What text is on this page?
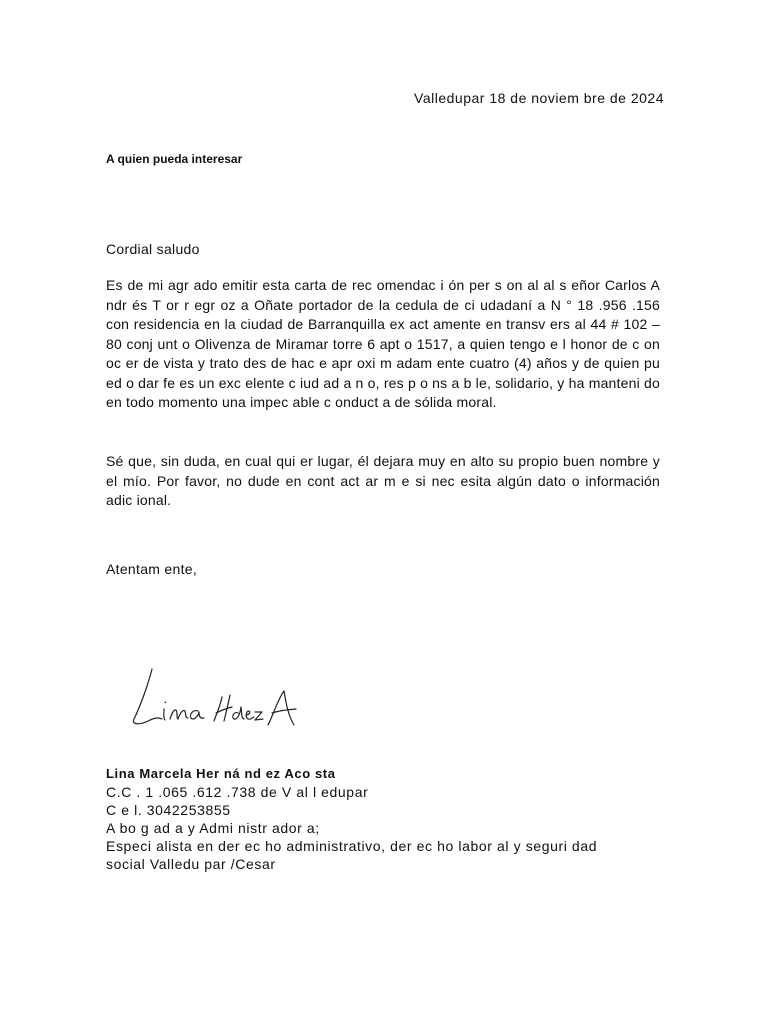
Valledupar 18 de noviem bre de 2024
A quien pueda interesar
Cordial saludo
Es de mi agr ado emitir esta carta de rec omendac i ón per s on al al s eñor Carlos A ndr és T or r egr oz a Oñate portador de la cedula de ci udadaní a N ° 18 .956 .156 con residencia en la ciudad de Barranquilla ex act amente en transv ers al 44 # 102 – 80 conj unt o Olivenza de Miramar torre 6 apt o 1517, a quien tengo e l honor de c on oc er de vista y trato des de hac e apr oxi m adam ente cuatro (4) años y de quien pu ed o dar fe es un exc elente c iud ad a n o, res p o ns a b le, solidario, y ha manteni do en todo momento una impec able c onduct a de sólida moral.
Sé que, sin duda, en cual qui er lugar, él dejara muy en alto su propio buen nombre y el mío. Por favor, no dude en cont act ar m e si nec esita algún dato o información adic ional.
Atentam ente,
Lina Marcela Her ná nd ez Aco sta
C.C . 1 .065 .612 .738 de V al l edupar
C e l. 3042253855
A bo g ad a y Admi nistr ador a;
Especi alista en der ec ho administrativo, der ec ho labor al y seguri dad
social Valledu par /Cesar
